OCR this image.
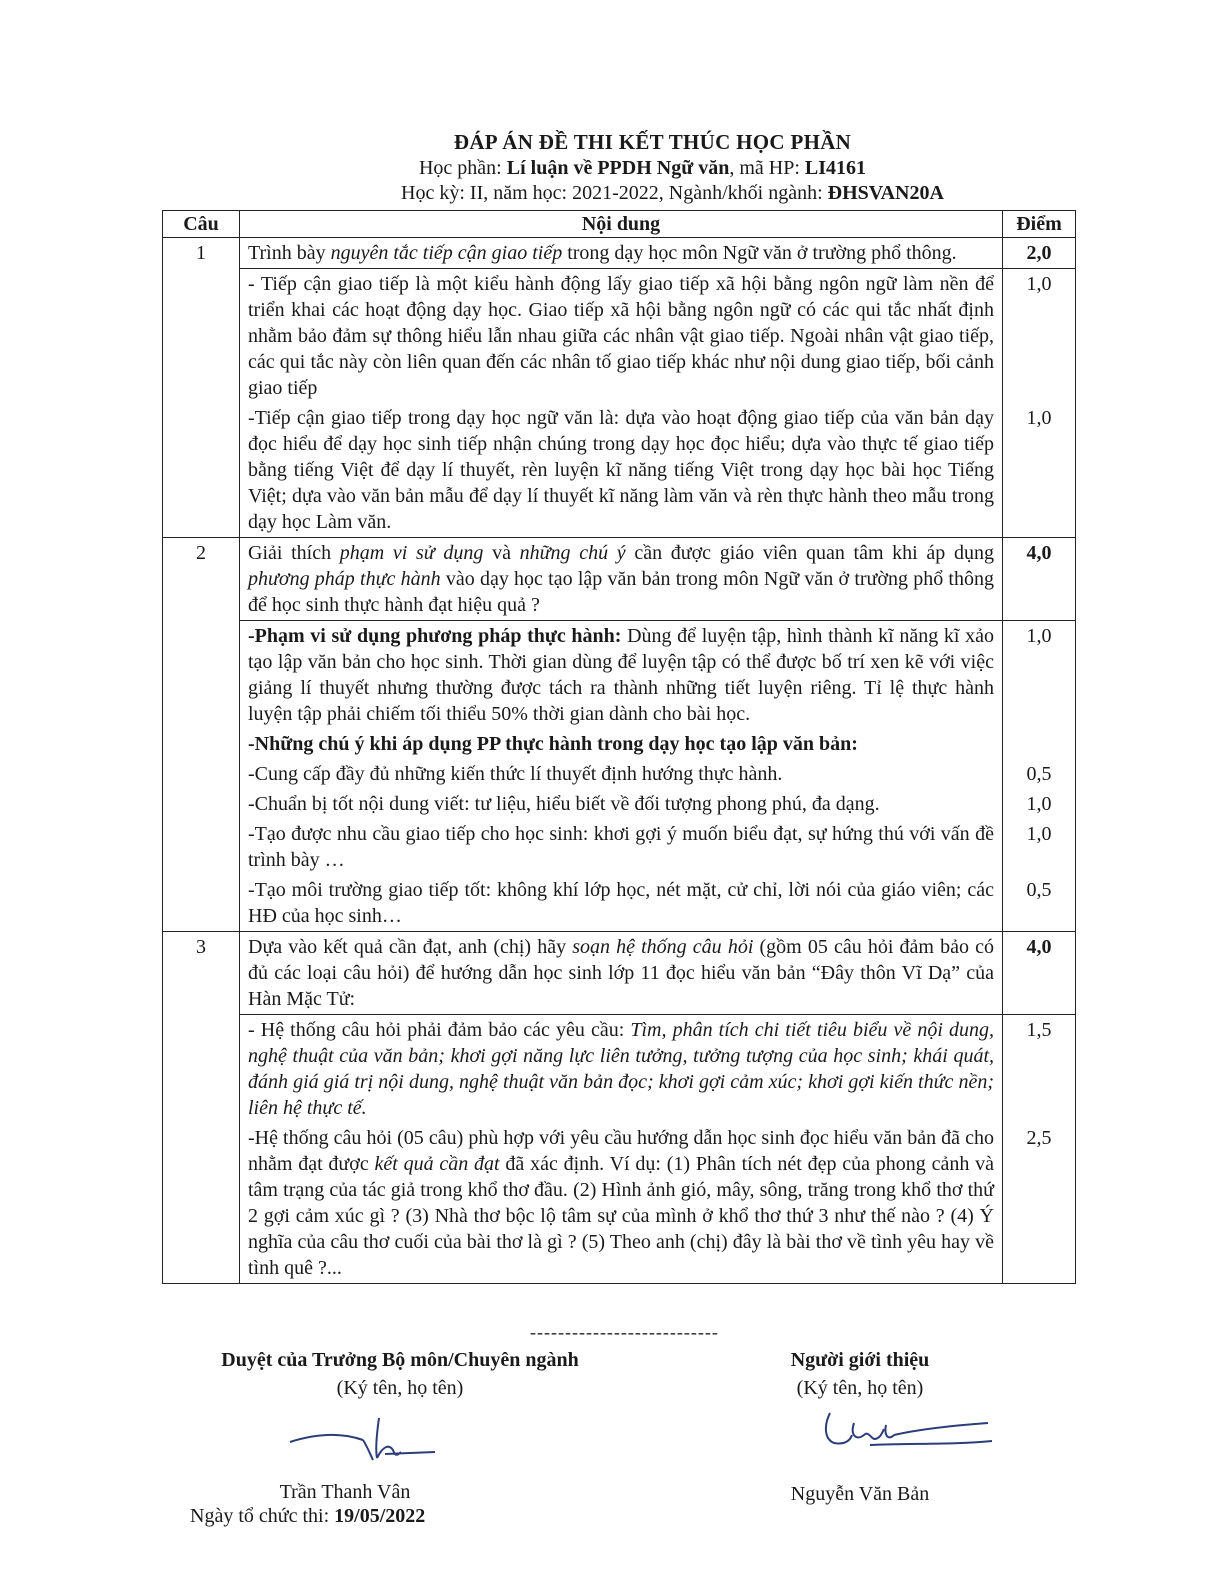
ĐÁP ÁN ĐỀ THI KẾT THÚC HỌC PHẦN
Học phần: Lí luận về PPDH Ngữ văn, mã HP: LI4161
Học kỳ: II, năm học: 2021-2022, Ngành/khối ngành: ĐHSVAN20A
Câu	Nội dung	Điểm
1	Trình bày nguyên tắc tiếp cận giao tiếp trong dạy học môn Ngữ văn ở trường phổ thông.	2,0

	- Tiếp cận giao tiếp là một kiểu hành động lấy giao tiếp xã hội bằng ngôn ngữ làm nền để triển khai các hoạt động dạy học. Giao tiếp xã hội bằng ngôn ngữ có các qui tắc nhất định nhằm bảo đảm sự thông hiểu lẫn nhau giữa các nhân vật giao tiếp. Ngoài nhân vật giao tiếp, các qui tắc này còn liên quan đến các nhân tố giao tiếp khác như nội dung giao tiếp, bối cảnh giao tiếp	1,0

	-Tiếp cận giao tiếp trong dạy học ngữ văn là: dựa vào hoạt động giao tiếp của văn bản dạy đọc hiểu để dạy học sinh tiếp nhận chúng trong dạy học đọc hiểu; dựa vào thực tế giao tiếp bằng tiếng Việt để dạy lí thuyết, rèn luyện kĩ năng tiếng Việt trong dạy học bài học Tiếng Việt; dựa vào văn bản mẫu để dạy lí thuyết kĩ năng làm văn và rèn thực hành theo mẫu trong dạy học Làm văn.	1,0
2	Giải thích phạm vi sử dụng và những chú ý cần được giáo viên quan tâm khi áp dụng phương pháp thực hành vào dạy học tạo lập văn bản trong môn Ngữ văn ở trường phổ thông để học sinh thực hành đạt hiệu quả ?	4,0

	-Phạm vi sử dụng phương pháp thực hành: Dùng để luyện tập, hình thành kĩ năng kĩ xảo tạo lập văn bản cho học sinh. Thời gian dùng để luyện tập có thể được bố trí xen kẽ với việc giảng lí thuyết nhưng thường được tách ra thành những tiết luyện riêng. Tỉ lệ thực hành luyện tập phải chiếm tối thiểu 50% thời gian dành cho bài học.	1,0

	-Những chú ý khi áp dụng PP thực hành trong dạy học tạo lập văn bản:	

	-Cung cấp đầy đủ những kiến thức lí thuyết định hướng thực hành.	0,5

	-Chuẩn bị tốt nội dung viết: tư liệu, hiểu biết về đối tượng phong phú, đa dạng.	1,0

	-Tạo được nhu cầu giao tiếp cho học sinh: khơi gợi ý muốn biểu đạt, sự hứng thú với vấn đề trình bày …	1,0

	-Tạo môi trường giao tiếp tốt: không khí lớp học, nét mặt, cử chỉ, lời nói của giáo viên; các HĐ của học sinh…	0,5
3	Dựa vào kết quả cần đạt, anh (chị) hãy soạn hệ thống câu hỏi (gồm 05 câu hỏi đảm bảo có đủ các loại câu hỏi) để hướng dẫn học sinh lớp 11 đọc hiểu văn bản “Đây thôn Vĩ Dạ” của Hàn Mặc Tử:	4,0

	- Hệ thống câu hỏi phải đảm bảo các yêu cầu: Tìm, phân tích chi tiết tiêu biểu về nội dung, nghệ thuật của văn bản; khơi gợi năng lực liên tưởng, tưởng tượng của học sinh; khái quát, đánh giá giá trị nội dung, nghệ thuật văn bản đọc; khơi gợi cảm xúc; khơi gợi kiến thức nền; liên hệ thực tế.	1,5

	-Hệ thống câu hỏi (05 câu) phù hợp với yêu cầu hướng dẫn học sinh đọc hiểu văn bản đã cho nhằm đạt được kết quả cần đạt đã xác định. Ví dụ: (1) Phân tích nét đẹp của phong cảnh và tâm trạng của tác giả trong khổ thơ đầu. (2) Hình ảnh gió, mây, sông, trăng trong khổ thơ thứ 2 gợi cảm xúc gì ? (3) Nhà thơ bộc lộ tâm sự của mình ở khổ thơ thứ 3 như thế nào ? (4) Ý nghĩa của câu thơ cuối của bài thơ là gì ? (5) Theo anh (chị) đây là bài thơ về tình yêu hay về tình quê ?...	2,5
---------------------------
Duyệt của Trưởng Bộ môn/Chuyên ngành
(Ký tên, họ tên)
Trần Thanh Vân
Người giới thiệu
(Ký tên, họ tên)
Nguyễn Văn Bản
Ngày tổ chức thi: 19/05/2022
